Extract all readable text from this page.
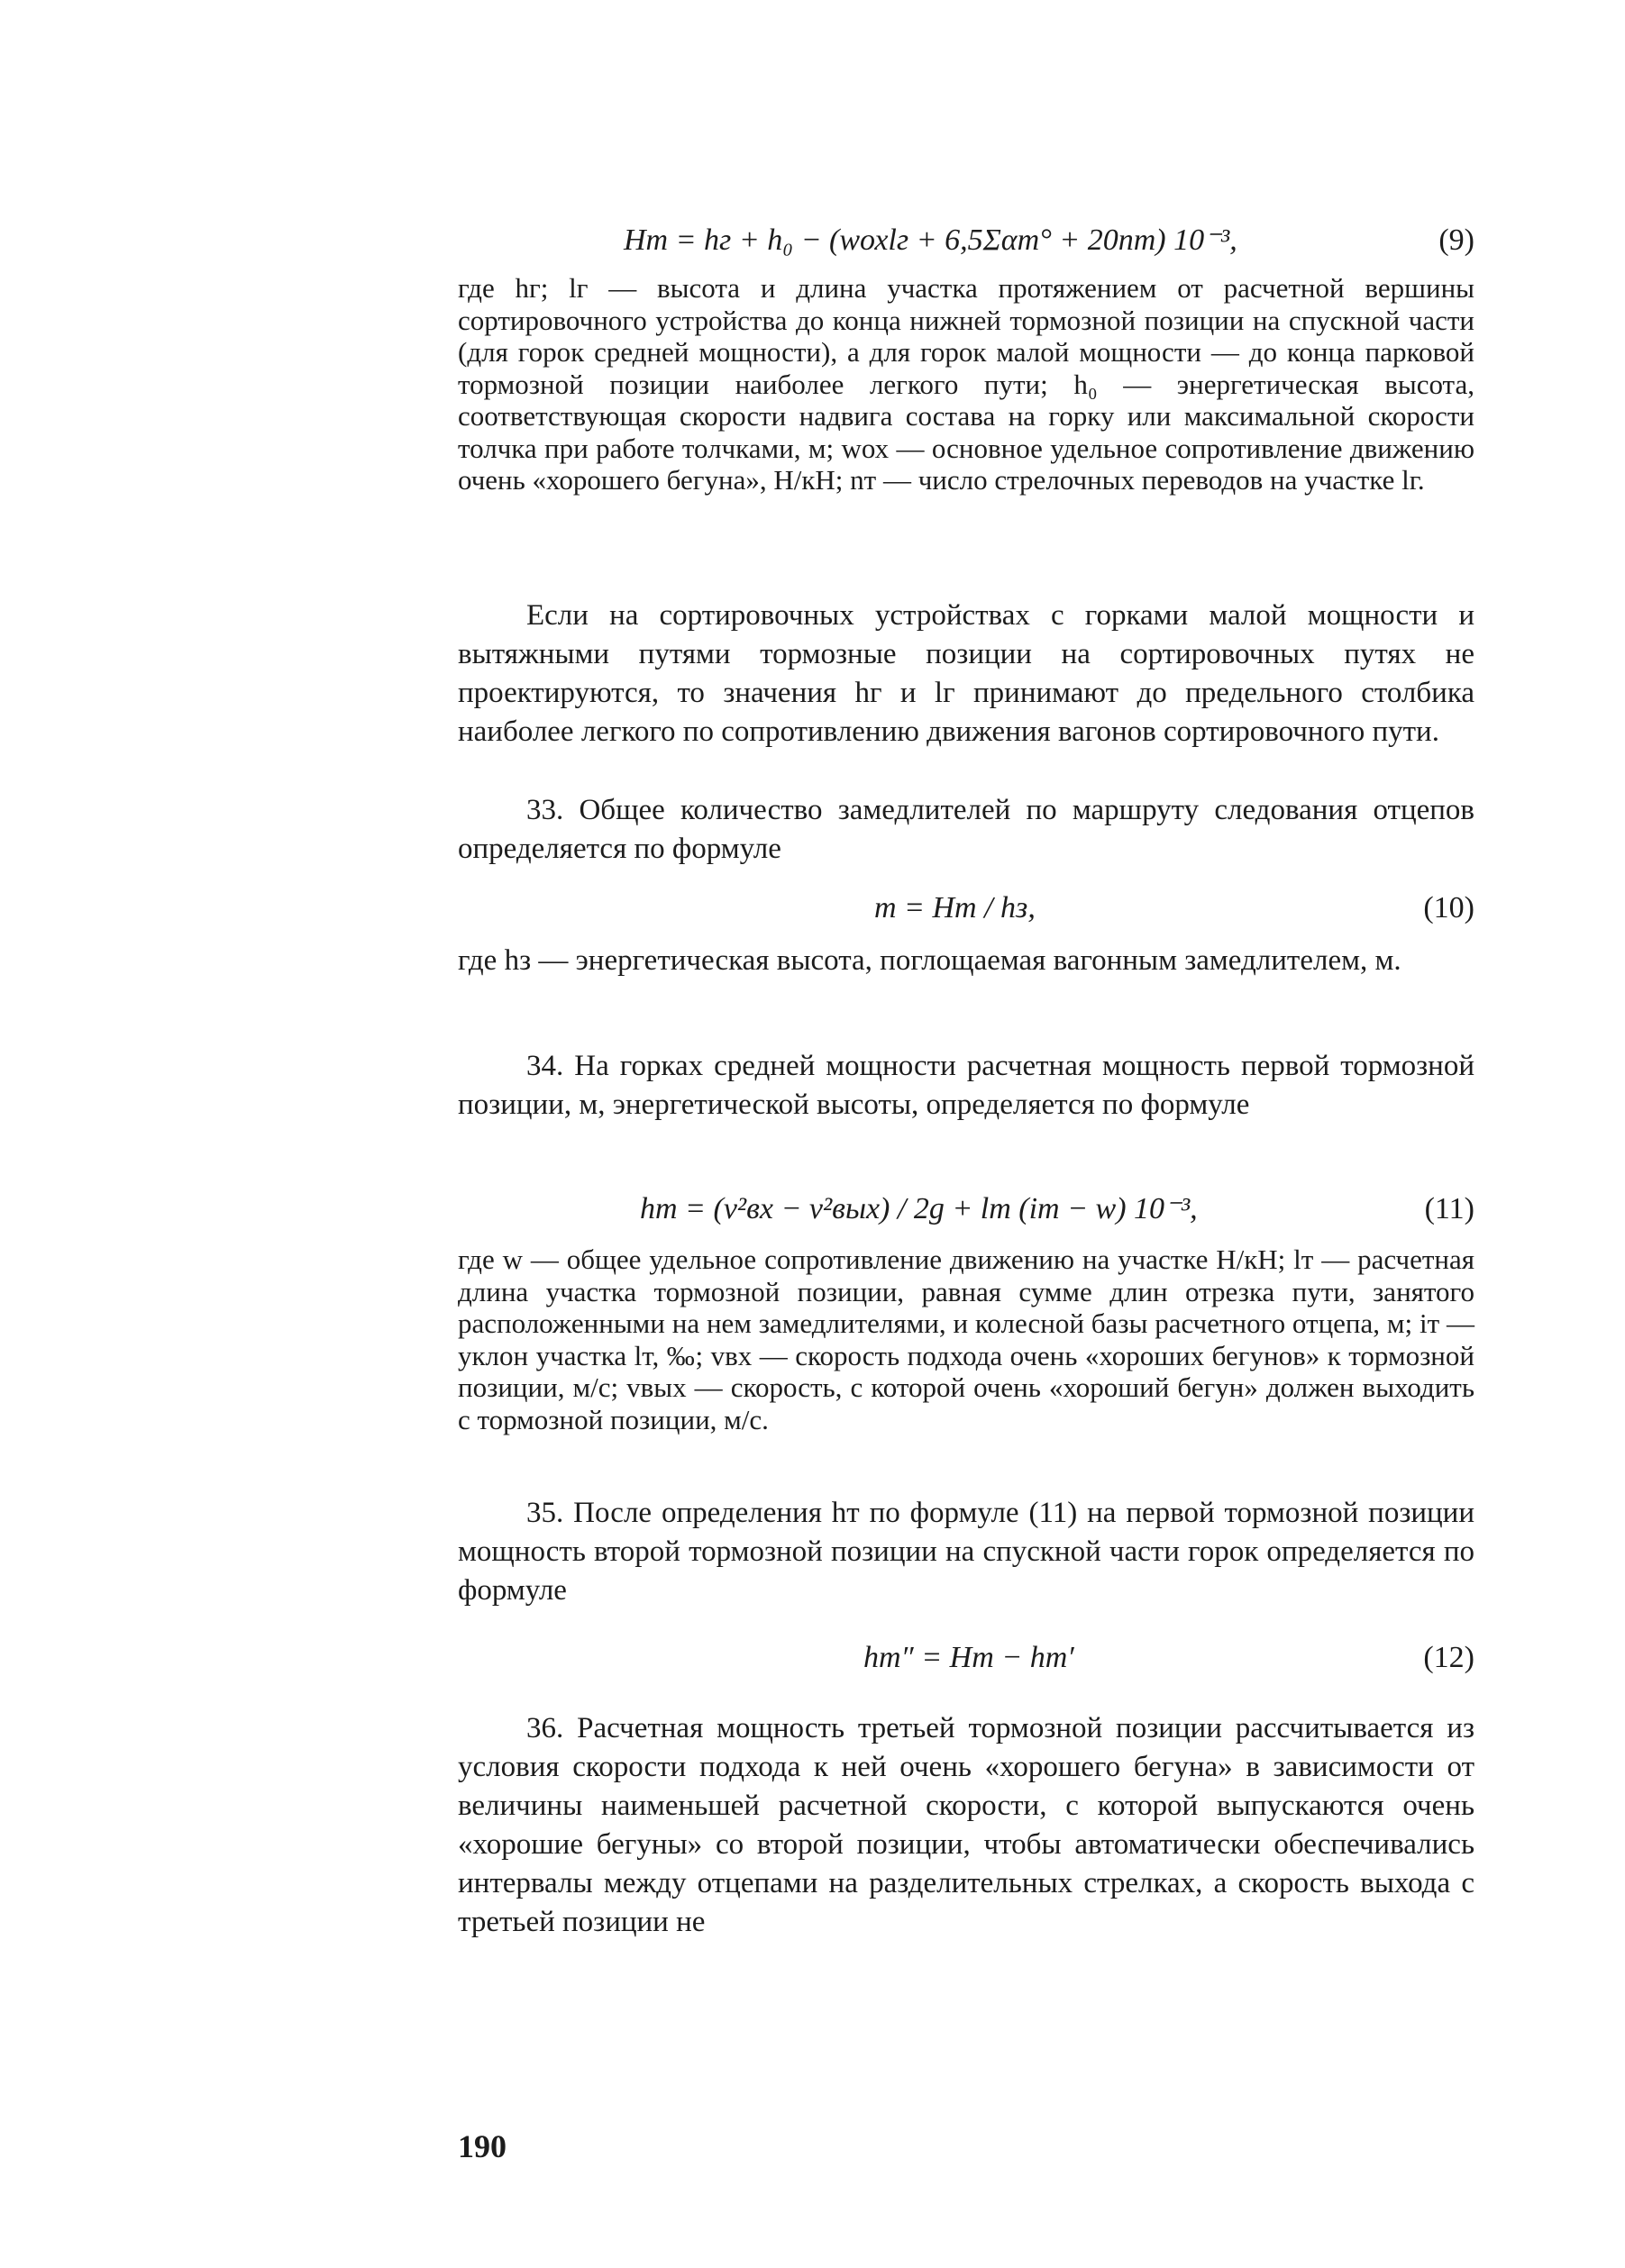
Hт = hг + h₀ − (wохlг + 6,5Σαт° + 20nт) 10⁻³,	(9)
где hг; lг — высота и длина участка протяжением от расчетной вершины сортировочного устройства до конца нижней тормозной позиции на спускной части (для горок средней мощности), а для горок малой мощности — до конца парковой тормозной позиции наиболее легкого пути; h₀ — энергетическая высота, соответствующая скорости надвига состава на горку или максимальной скорости толчка при работе толчками, м; wох — основное удельное сопротивление движению очень «хорошего бегуна», Н/кН; nт — число стрелочных переводов на участке lг.
Если на сортировочных устройствах с горками малой мощности и вытяжными путями тормозные позиции на сортировочных путях не проектируются, то значения hг и lг принимают до предельного столбика наиболее легкого по сопротивлению движения вагонов сортировочного пути.
33. Общее количество замедлителей по маршруту следования отцепов определяется по формуле
m = Hт / hз,	(10)
где hз — энергетическая высота, поглощаемая вагонным замедлителем, м.
34. На горках средней мощности расчетная мощность первой тормозной позиции, м, энергетической высоты, определяется по формуле
hт = (v²вх − v²вых) / 2g + lт (iт − w) 10⁻³,	(11)
где w — общее удельное сопротивление движению на участке Н/кН; lт — расчетная длина участка тормозной позиции, равная сумме длин отрезка пути, занятого расположенными на нем замедлителями, и колесной базы расчетного отцепа, м; iт — уклон участка lт, ‰; vвх — скорость подхода очень «хороших бегунов» к тормозной позиции, м/с; vвых — скорость, с которой очень «хороший бегун» должен выходить с тормозной позиции, м/с.
35. После определения hт по формуле (11) на первой тормозной позиции мощность второй тормозной позиции на спускной части горок определяется по формуле
hт″ = Hт − hт′	(12)
36. Расчетная мощность третьей тормозной позиции рассчитывается из условия скорости подхода к ней очень «хорошего бегуна» в зависимости от величины наименьшей расчетной скорости, с которой выпускаются очень «хорошие бегуны» со второй позиции, чтобы автоматически обеспечивались интервалы между отцепами на разделительных стрелках, а скорость выхода с третьей позиции не
190
